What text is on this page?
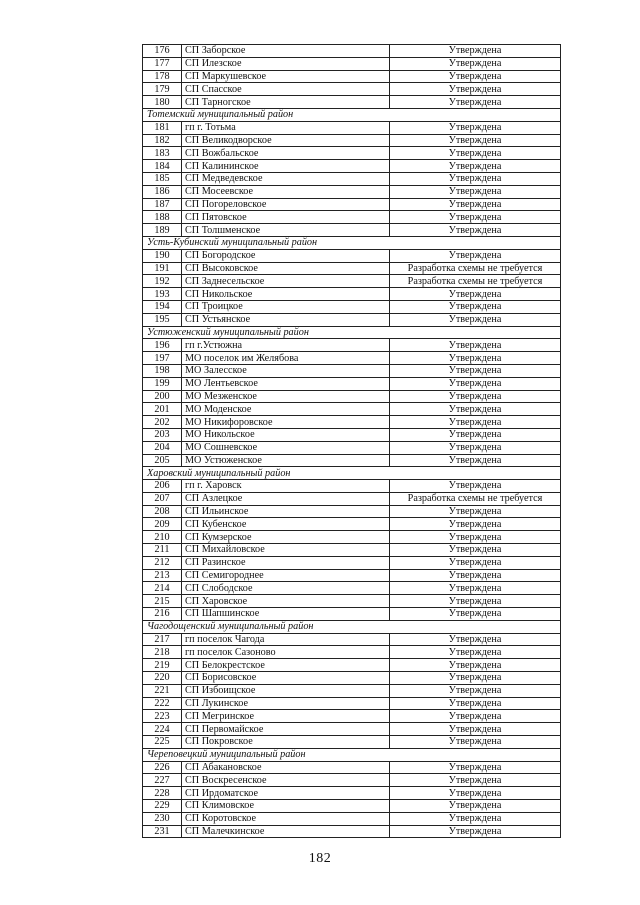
176	СП Заборское	Утверждена
177	СП Илезское	Утверждена
178	СП Маркушевское	Утверждена
179	СП Спасское	Утверждена
180	СП Тарногское	Утверждена
Тотемский муниципальный район		
181	гп г. Тотьма	Утверждена
182	СП Великодворское	Утверждена
183	СП Вожбальское	Утверждена
184	СП Калининское	Утверждена
185	СП Медведевское	Утверждена
186	СП Мосеевское	Утверждена
187	СП Погореловское	Утверждена
188	СП Пятовское	Утверждена
189	СП Толшменское	Утверждена
Усть-Кубинский муниципальный район		
190	СП Богородское	Утверждена
191	СП Высоковское	Разработка схемы не требуется
192	СП Заднесельское	Разработка схемы не требуется
193	СП Никольское	Утверждена
194	СП Троицкое	Утверждена
195	СП Устьянское	Утверждена
Устюженский муниципальный район		
196	гп г.Устюжна	Утверждена
197	МО поселок им Желябова	Утверждена
198	МО Залесское	Утверждена
199	МО Лентьевское	Утверждена
200	МО Мезженское	Утверждена
201	МО Моденское	Утверждена
202	МО Никифоровское	Утверждена
203	МО Никольское	Утверждена
204	МО Сошневское	Утверждена
205	МО Устюженское	Утверждена
Харовский муниципальный район		
206	гп г. Харовск	Утверждена
207	СП Азлецкое	Разработка схемы не требуется
208	СП Ильинское	Утверждена
209	СП Кубенское	Утверждена
210	СП Кумзерское	Утверждена
211	СП Михайловское	Утверждена
212	СП Разинское	Утверждена
213	СП Семигороднее	Утверждена
214	СП Слободское	Утверждена
215	СП Харовское	Утверждена
216	СП Шапшинское	Утверждена
Чагодощенский муниципальный район		
217	гп поселок Чагода	Утверждена
218	гп поселок Сазоново	Утверждена
219	СП Белокрестское	Утверждена
220	СП Борисовское	Утверждена
221	СП Избоищское	Утверждена
222	СП Лукинское	Утверждена
223	СП Мегринское	Утверждена
224	СП Первомайское	Утверждена
225	СП Покровское	Утверждена
Череповецкий муниципальный район		
226	СП Абакановское	Утверждена
227	СП Воскресенское	Утверждена
228	СП Ирдоматское	Утверждена
229	СП Климовское	Утверждена
230	СП Коротовское	Утверждена
231	СП Малечкинское	Утверждена
182
